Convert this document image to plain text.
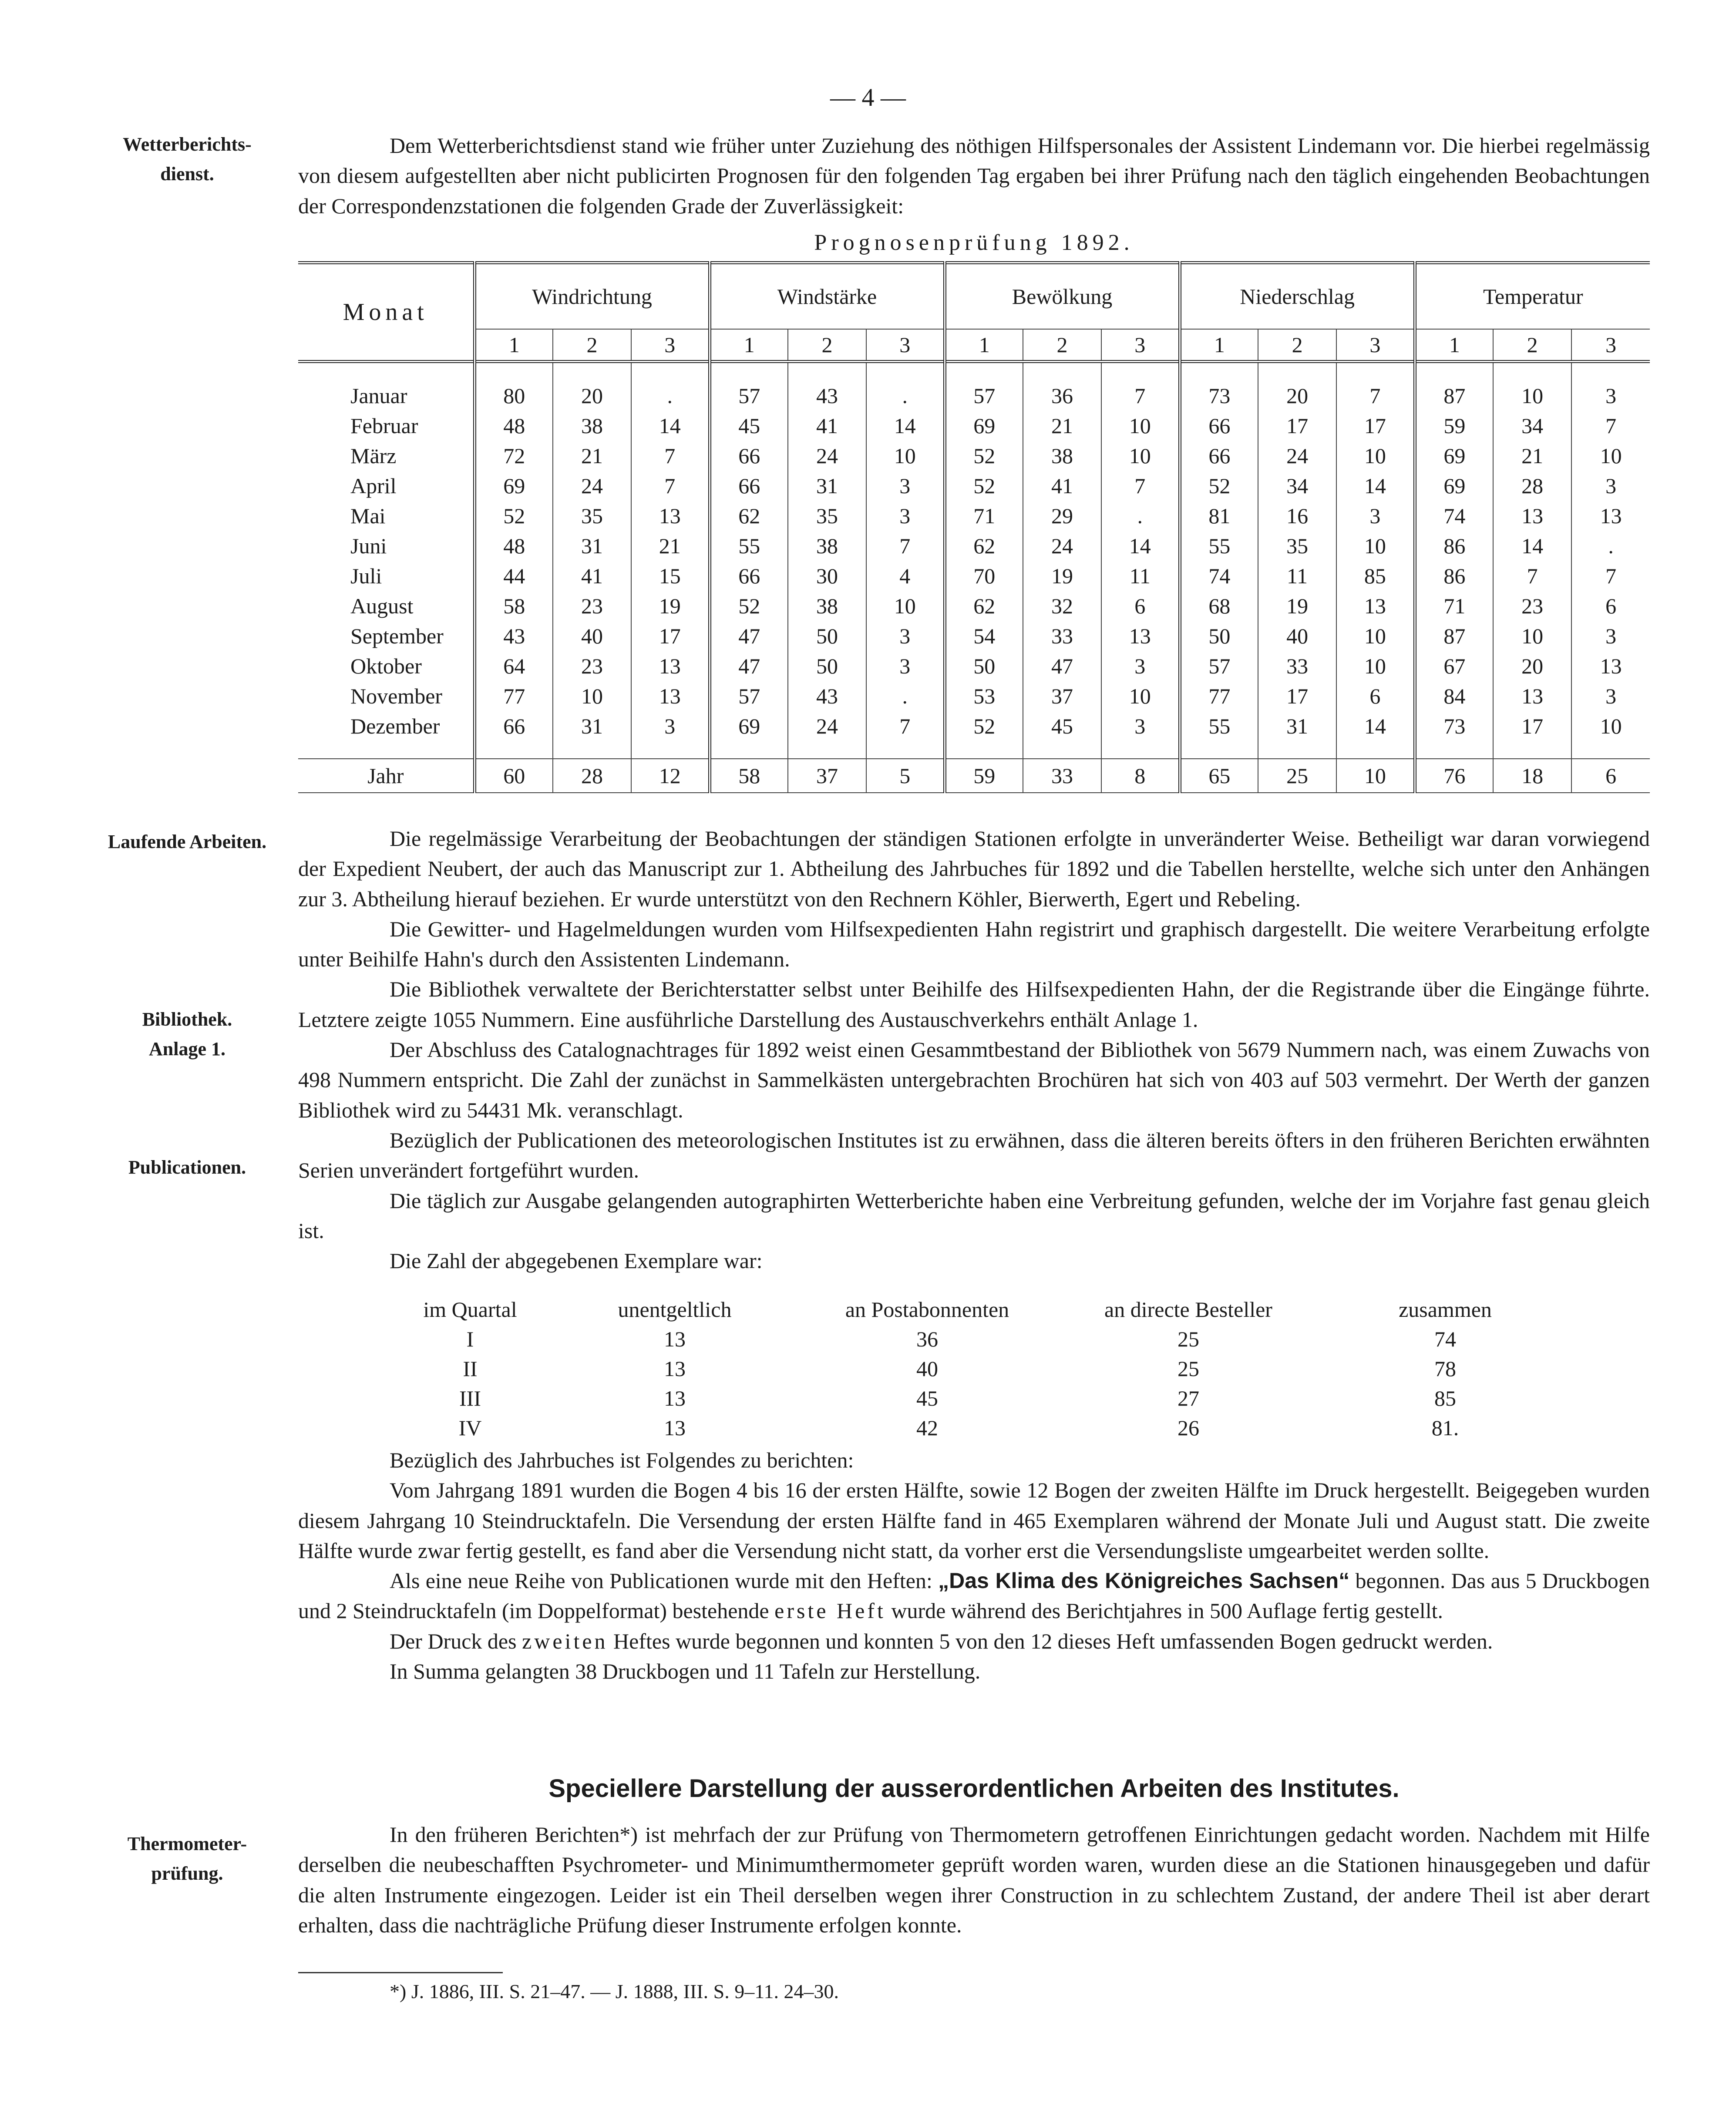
— 4 —
Wetterberichts-
dienst.
Laufende Arbeiten.
Bibliothek.
Anlage 1.
Publicationen.
Thermometer-
prüfung.

Dem Wetterberichtsdienst stand wie früher unter Zuziehung des nöthigen Hilfspersonales der Assistent Lindemann vor. Die hierbei regelmässig von diesem aufgestellten aber nicht publicirten Prognosen für den folgenden Tag ergaben bei ihrer Prüfung nach den täglich eingehenden Beobachtungen der Correspondenzstationen die folgenden Grade der Zuverlässigkeit:

Prognosenprüfung 1892.
Monat	Windrichtung			Windstärke			Bewölkung			Niederschlag			Temperatur		
	1	2	3	1	2	3	1	2	3	1	2	3	1	2	3

Januar	80	20	.	57	43	.	57	36	7	73	20	7	87	10	3
Februar	48	38	14	45	41	14	69	21	10	66	17	17	59	34	7
März	72	21	7	66	24	10	52	38	10	66	24	10	69	21	10
April	69	24	7	66	31	3	52	41	7	52	34	14	69	28	3
Mai	52	35	13	62	35	3	71	29	.	81	16	3	74	13	13
Juni	48	31	21	55	38	7	62	24	14	55	35	10	86	14	.
Juli	44	41	15	66	30	4	70	19	11	74	11	85	86	7	7
August	58	23	19	52	38	10	62	32	6	68	19	13	71	23	6
September	43	40	17	47	50	3	54	33	13	50	40	10	87	10	3
Oktober	64	23	13	47	50	3	50	47	3	57	33	10	67	20	13
November	77	10	13	57	43	.	53	37	10	77	17	6	84	13	3
Dezember	66	31	3	69	24	7	52	45	3	55	31	14	73	17	10

Jahr	60	28	12	58	37	5	59	33	8	65	25	10	76	18	6

Die regelmässige Verarbeitung der Beobachtungen der ständigen Stationen erfolgte in unveränderter Weise. Betheiligt war daran vorwiegend der Expedient Neubert, der auch das Manuscript zur 1. Abtheilung des Jahrbuches für 1892 und die Tabellen herstellte, welche sich unter den Anhängen zur 3. Abtheilung hierauf beziehen. Er wurde unterstützt von den Rechnern Köhler, Bierwerth, Egert und Rebeling.

Die Gewitter- und Hagelmeldungen wurden vom Hilfsexpedienten Hahn registrirt und graphisch dargestellt. Die weitere Verarbeitung erfolgte unter Beihilfe Hahn's durch den Assistenten Lindemann.

Die Bibliothek verwaltete der Berichterstatter selbst unter Beihilfe des Hilfsexpedienten Hahn, der die Registrande über die Eingänge führte. Letztere zeigte 1055 Nummern. Eine ausführliche Darstellung des Austauschverkehrs enthält Anlage 1.

Der Abschluss des Catalognachtrages für 1892 weist einen Gesammtbestand der Bibliothek von 5679 Nummern nach, was einem Zuwachs von 498 Nummern entspricht. Die Zahl der zunächst in Sammelkästen untergebrachten Brochüren hat sich von 403 auf 503 vermehrt. Der Werth der ganzen Bibliothek wird zu 54431 Mk. veranschlagt.

Bezüglich der Publicationen des meteorologischen Institutes ist zu erwähnen, dass die älteren bereits öfters in den früheren Berichten erwähnten Serien unverändert fortgeführt wurden.

Die täglich zur Ausgabe gelangenden autographirten Wetterberichte haben eine Verbreitung gefunden, welche der im Vorjahre fast genau gleich ist.

Die Zahl der abgegebenen Exemplare war:

im Quartal	unentgeltlich	an Postabonnenten	an directe Besteller	zusammen
I	13	36	25	74
II	13	40	25	78
III	13	45	27	85
IV	13	42	26	81.

Bezüglich des Jahrbuches ist Folgendes zu berichten:

Vom Jahrgang 1891 wurden die Bogen 4 bis 16 der ersten Hälfte, sowie 12 Bogen der zweiten Hälfte im Druck hergestellt. Beigegeben wurden diesem Jahrgang 10 Steindrucktafeln. Die Versendung der ersten Hälfte fand in 465 Exemplaren während der Monate Juli und August statt. Die zweite Hälfte wurde zwar fertig gestellt, es fand aber die Versendung nicht statt, da vorher erst die Versendungsliste umgearbeitet werden sollte.

Als eine neue Reihe von Publicationen wurde mit den Heften: „Das Klima des Königreiches Sachsen“ begonnen. Das aus 5 Druckbogen und 2 Steindrucktafeln (im Doppelformat) bestehende erste Heft wurde während des Berichtjahres in 500 Auflage fertig gestellt.

Der Druck des zweiten Heftes wurde begonnen und konnten 5 von den 12 dieses Heft umfassenden Bogen gedruckt werden.

In Summa gelangten 38 Druckbogen und 11 Tafeln zur Herstellung.

Speciellere Darstellung der ausserordentlichen Arbeiten des Institutes.

In den früheren Berichten*) ist mehrfach der zur Prüfung von Thermometern getroffenen Einrichtungen gedacht worden. Nachdem mit Hilfe derselben die neubeschafften Psychrometer- und Minimumthermometer geprüft worden waren, wurden diese an die Stationen hinausgegeben und dafür die alten Instrumente eingezogen. Leider ist ein Theil derselben wegen ihrer Construction in zu schlechtem Zustand, der andere Theil ist aber derart erhalten, dass die nachträgliche Prüfung dieser Instrumente erfolgen konnte.

*) J. 1886, III. S. 21–47. — J. 1888, III. S. 9–11. 24–30.
